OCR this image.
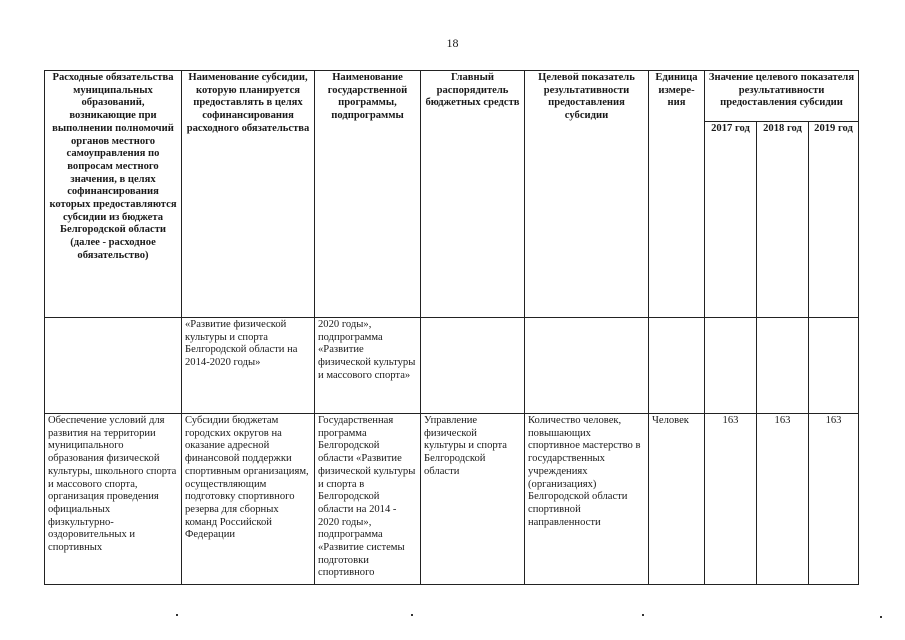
18
Расходные обязательства муниципальных образований, возникающие при выполнении полномочий органов местного самоуправления по вопросам местного значения, в целях софинансирования которых предоставляются субсидии из бюджета Белгородской области (далее - расходное обязательство)	Наименование субсидии, которую планируется предоставлять в целях софинансирования расходного обязательства	Наименование государственной программы, подпрограммы	Главный распорядитель бюджетных средств	Целевой показатель результативности предоставления субсидии	Единица измере-ния	Значение целевого показателя результативности предоставления субсидии		
						2017 год	2018 год	2019 год
	«Развитие физической культуры и спорта Белгородской области на 2014-2020 годы»	2020 годы», подпрограмма «Развитие физической культуры и массового спорта»						
Обеспечение условий для развития на территории муниципального образования физической культуры, школьного спорта и массового спорта, организация проведения официальных физкультурно-оздоровительных и спортивных	Субсидии бюджетам городских округов на оказание адресной финансовой поддержки спортивным организациям, осуществляющим подготовку спортивного резерва для сборных команд Российской Федерации	Государственная программа Белгородской области «Развитие физической культуры и спорта в Белгородской области на 2014 - 2020 годы», подпрограмма «Развитие системы подготовки спортивного	Управление физической культуры и спорта Белгородской области	Количество человек, повышающих спортивное мастерство в государственных учреждениях (организациях) Белгородской области спортивной направленности	Человек	163	163	163
